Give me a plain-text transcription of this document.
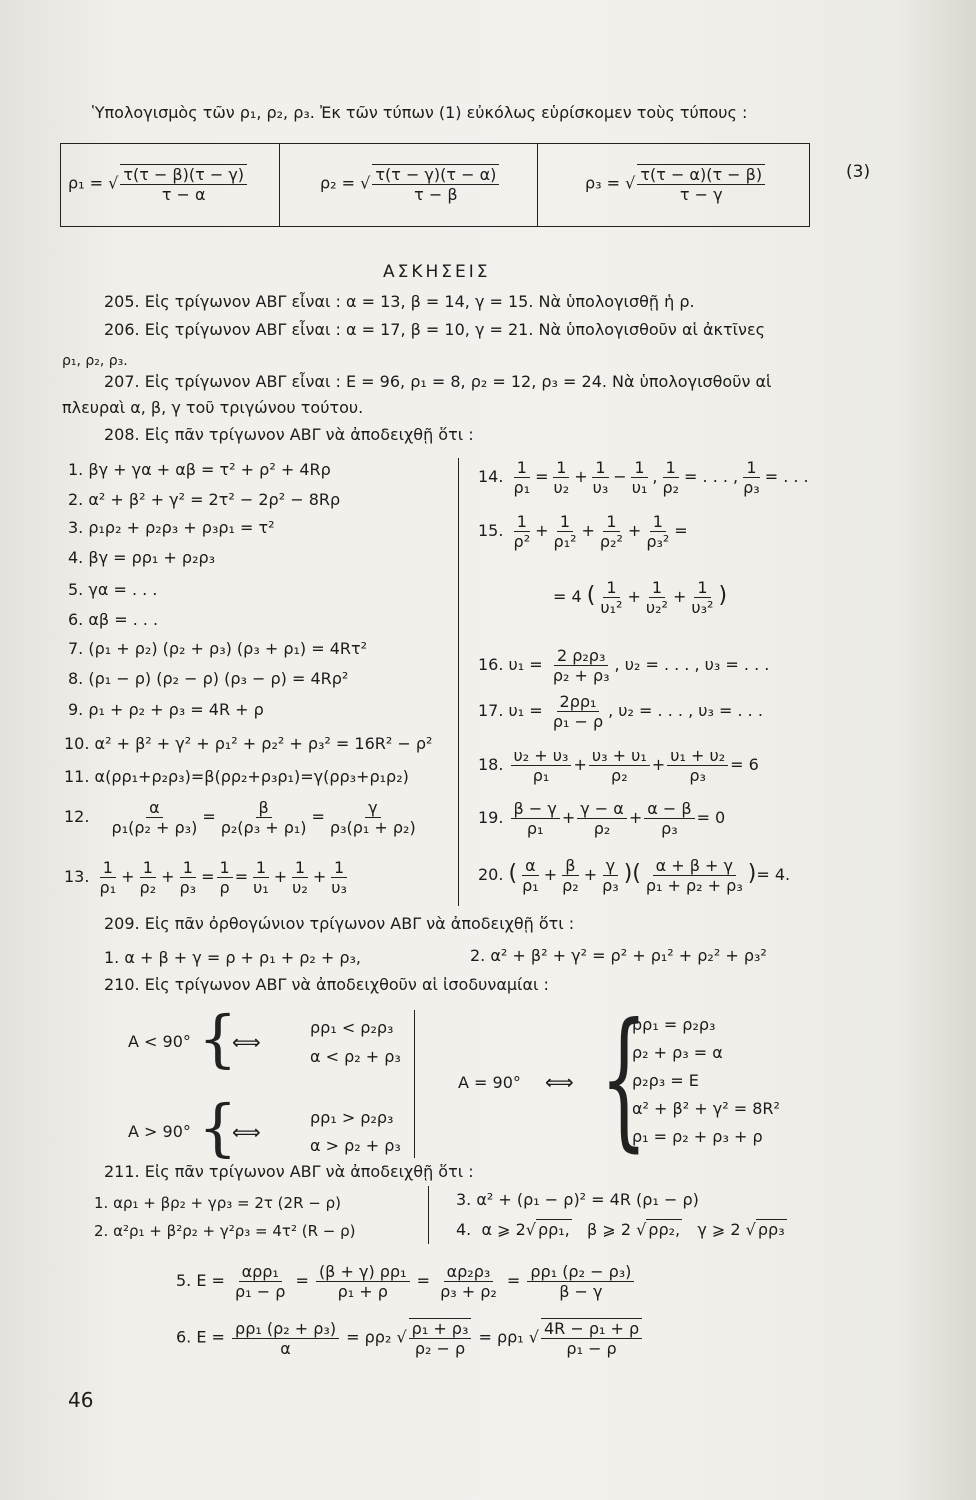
Ὑπολογισμὸς τῶν ρ₁, ρ₂, ρ₃. Ἐκ τῶν τύπων (1) εὐκόλως εὑρίσκομεν τοὺς τύπους :
ρ₁ = √ $\frac{\tau(\tau - \beta)(\tau - \gamma)}{\tau - \alpha}$	ρ₂ = √ $\frac{\tau(\tau - \gamma)(\tau - \alpha)}{\tau - \beta}$	ρ₃ = √ $\frac{\tau(\tau - \alpha)(\tau - \beta)}{\tau - \gamma}$	(3)
ΑΣΚΗΣΕΙΣ
205. Εἰς τρίγωνον ΑΒΓ εἶναι : α = 13, β = 14, γ = 15. Νὰ ὑπολογισθῇ ἡ ρ.
206. Εἰς τρίγωνον ΑΒΓ εἶναι : α = 17, β = 10, γ = 21. Νὰ ὑπολογισθοῦν αἱ ἀκτῖνες
ρ₁, ρ₂, ρ₃.
207. Εἰς τρίγωνον ΑΒΓ εἶναι : Ε = 96, ρ₁ = 8, ρ₂ = 12, ρ₃ = 24. Νὰ ὑπολογισθοῦν αἱ
πλευραὶ α, β, γ τοῦ τριγώνου τούτου.
208. Εἰς πᾶν τρίγωνον ΑΒΓ νὰ ἀποδειχθῇ ὅτι :
1. βγ + γα + αβ = τ² + ρ² + 4Rρ
2. α² + β² + γ² = 2τ² − 2ρ² − 8Rρ
3. ρ₁ρ₂ + ρ₂ρ₃ + ρ₃ρ₁ = τ²
4. βγ = ρρ₁ + ρ₂ρ₃
5. γα = . . .
6. αβ = . . .
7. (ρ₁ + ρ₂) (ρ₂ + ρ₃) (ρ₃ + ρ₁) = 4Rτ²
8. (ρ₁ − ρ) (ρ₂ − ρ) (ρ₃ − ρ) = 4Rρ²
9. ρ₁ + ρ₂ + ρ₃ = 4R + ρ
10. α² + β² + γ² + ρ₁² + ρ₂² + ρ₃² = 16R² − ρ²
11. α(ρρ₁+ρ₂ρ₃)=β(ρρ₂+ρ₃ρ₁)=γ(ρρ₃+ρ₁ρ₂)
12. $\frac{\alpha}{\text{ρ₁(ρ₂ + ρ₃)}} = \frac{\beta}{\text{ρ₂(ρ₃ + ρ₁)}} = \frac{\gamma}{\text{ρ₃(ρ₁ + ρ₂)}}$
13. $\frac{1}{\text{ρ₁}} + \frac{1}{\text{ρ₂}} + \frac{1}{\text{ρ₃}} = \frac{1}{\rho} = \frac{1}{\text{υ₁}} + \frac{1}{\text{υ₂}} + \frac{1}{\text{υ₃}}$
14. $\frac{1}{\text{ρ₁}} = \frac{1}{\text{υ₂}} + \frac{1}{\text{υ₃}} - \frac{1}{\text{υ₁}}$ , $\frac{1}{\text{ρ₂}}$ = . . . , $\frac{1}{\text{ρ₃}}$ = . . .
15. $\frac{1}{\text{ρ²}} + \frac{1}{\text{ρ₁²}} + \frac{1}{\text{ρ₂²}} + \frac{1}{\text{ρ₃²}}$ =
= 4 ( $\frac{1}{\text{υ₁²}} + \frac{1}{\text{υ₂²}} + \frac{1}{\text{υ₃²}}$ )
16. $\upsilon_1 = \frac{\text{2 ρ₂ρ₃}}{\text{ρ₂ + ρ₃}}$ , υ₂ = . . . , υ₃ = . . .
17. $\upsilon_1 = \frac{\text{2ρρ₁}}{\text{ρ₁ − ρ}}$ , υ₂ = . . . , υ₃ = . . .
18. $\frac{\text{υ₂ + υ₃}}{\text{ρ₁}} + \frac{\text{υ₃ + υ₁}}{\text{ρ₂}} + \frac{\text{υ₁ + υ₂}}{\text{ρ₃}} = 6$
19. $\frac{\beta - \gamma}{\text{ρ₁}} + \frac{\gamma - \alpha}{\text{ρ₂}} + \frac{\alpha - \beta}{\text{ρ₃}} = 0$
20. ( $\frac{\alpha}{\text{ρ₁}} + \frac{\beta}{\text{ρ₂}} + \frac{\gamma}{\text{ρ₃}}$ )( $\frac{\alpha + \beta + \gamma}{\text{ρ₁ + ρ₂ + ρ₃}}$ )= 4.
209. Εἰς πᾶν ὀρθογώνιον τρίγωνον ΑΒΓ νὰ ἀποδειχθῇ ὅτι :
1. α + β + γ = ρ + ρ₁ + ρ₂ + ρ₃,	2. α² + β² + γ² = ρ² + ρ₁² + ρ₂² + ρ₃²
210. Εἰς τρίγωνον ΑΒΓ νὰ ἀποδειχθοῦν αἱ ἰσοδυναμίαι :
Α < 90° {
⟺
ρρ₁ < ρ₂ρ₃
α < ρ₂ + ρ₃
Α > 90° {
⟺
ρρ₁ > ρ₂ρ₃
α > ρ₂ + ρ₃
Α = 90° ⟺ {
ρρ₁ = ρ₂ρ₃
ρ₂ + ρ₃ = α
ρ₂ρ₃ = Ε
α² + β² + γ² = 8R²
ρ₁ = ρ₂ + ρ₃ + ρ
211. Εἰς πᾶν τρίγωνον ΑΒΓ νὰ ἀποδειχθῇ ὅτι :
1. αρ₁ + βρ₂ + γρ₃ = 2τ (2R − ρ)
2. α²ρ₁ + β²ρ₂ + γ²ρ₃ = 4τ² (R − ρ)
3. α² + (ρ₁ − ρ)² = 4R (ρ₁ − ρ)
4. α ⩾ 2√ ρρ₁, β ⩾ 2 √ ρρ₂, γ ⩾ 2 √ ρρ₃
5. $E = \frac{\text{αρρ₁}}{\text{ρ₁ − ρ}} = \frac{\text{(β + γ) ρρ₁}}{\text{ρ₁ + ρ}} = \frac{\text{αρ₂ρ₃}}{\text{ρ₃ + ρ₂}} = \frac{\text{ρρ₁ (ρ₂ − ρ₃)}}{\beta - \gamma}$
6. $E = \frac{\text{ρρ₁ (ρ₂ + ρ₃)}}{\alpha} = \rho\rho_2$ √ $\frac{\text{ρ₁ + ρ₃}}{\text{ρ₂ − ρ}} = \rho\rho_1$ √ $\frac{\text{4R − ρ₁ + ρ}}{\text{ρ₁ − ρ}}$
46
